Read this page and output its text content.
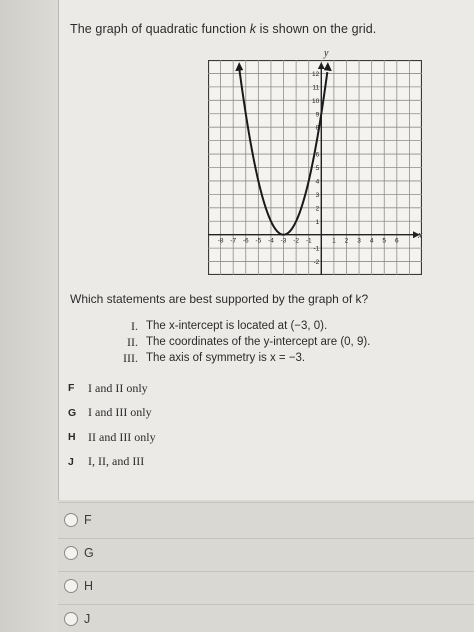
The graph of quadratic function k is shown on the grid.
-8 -7 -6 -5 -4 -3 -2 -1	1 2 3 4 5 6
12
11
10
9
8
6
5
4
3
2
1
-1
-2
y
x
Which statements are best supported by the graph of k?
I. The x-intercept is located at (−3, 0).
II. The coordinates of the y-intercept are (0, 9).
III. The axis of symmetry is x = −3.
F	I and II only
G I and III only
H	II and III only
J	I, II, and III
F
G
H
J
